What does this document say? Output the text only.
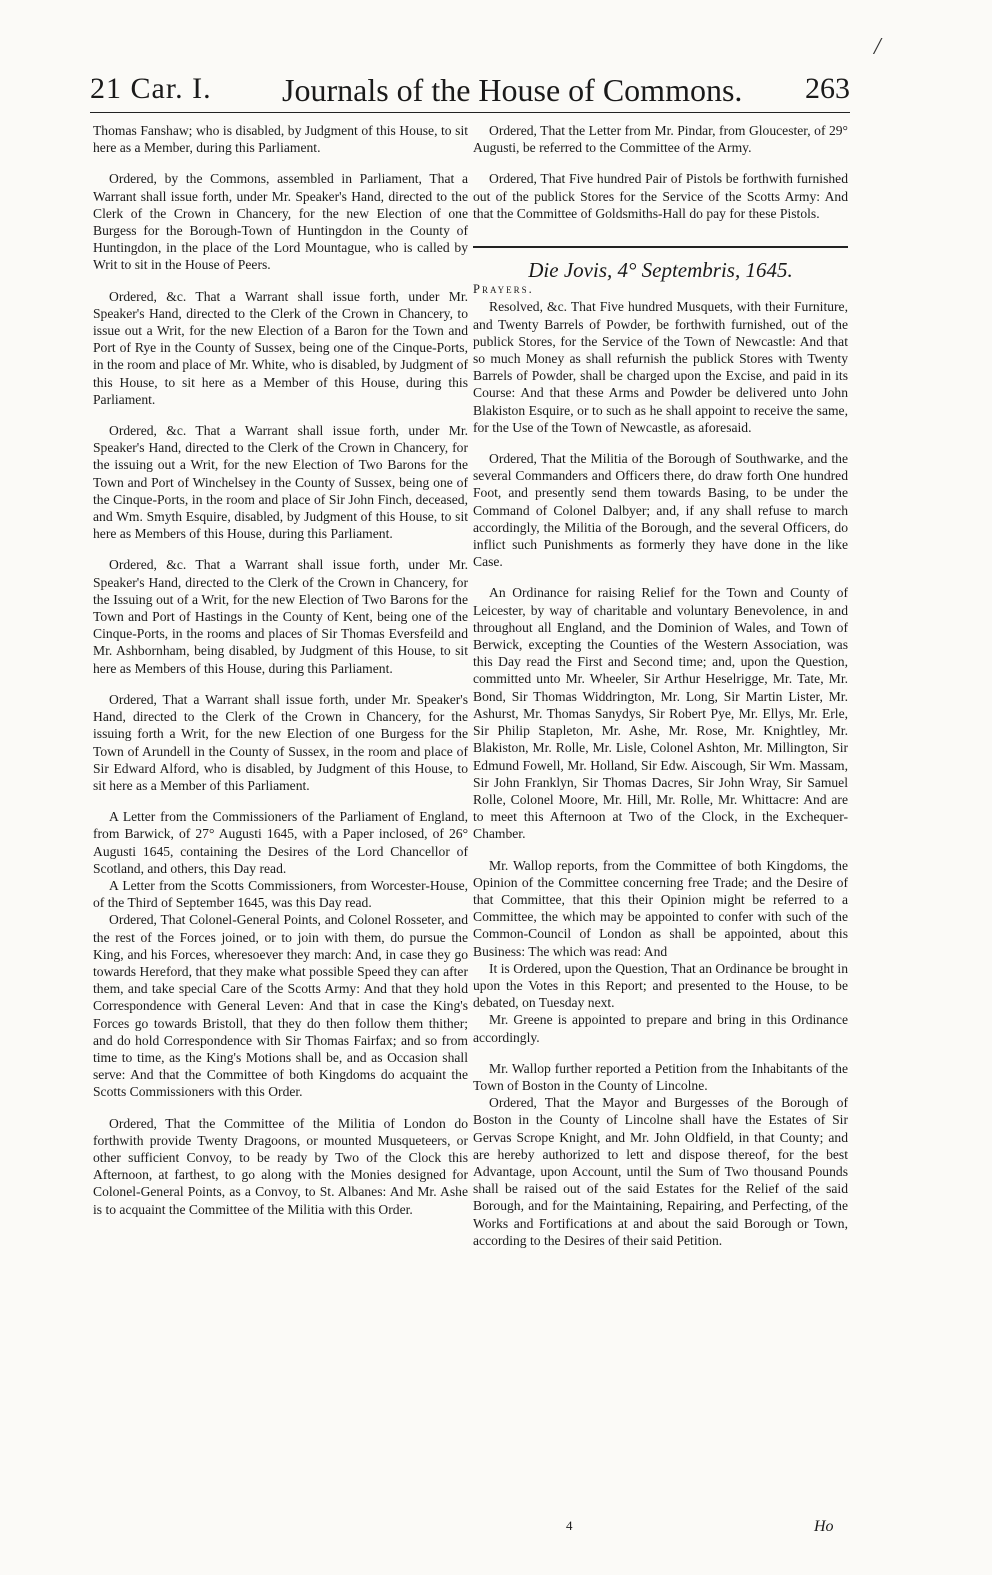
/
21 Car. I. Journals of the House of Commons. 263

Thomas Fanshaw; who is disabled, by Judgment of this House, to sit here as a Member, during this Parliament.

Ordered, by the Commons, assembled in Parliament, That a Warrant shall issue forth, under Mr. Speaker's Hand, directed to the Clerk of the Crown in Chancery, for the new Election of one Burgess for the Borough-Town of Huntingdon in the County of Huntingdon, in the place of the Lord Mountague, who is called by Writ to sit in the House of Peers.

Ordered, &c. That a Warrant shall issue forth, under Mr. Speaker's Hand, directed to the Clerk of the Crown in Chancery, to issue out a Writ, for the new Election of a Baron for the Town and Port of Rye in the County of Sussex, being one of the Cinque-Ports, in the room and place of Mr. White, who is disabled, by Judgment of this House, to sit here as a Member of this House, during this Parliament.

Ordered, &c. That a Warrant shall issue forth, under Mr. Speaker's Hand, directed to the Clerk of the Crown in Chancery, for the issuing out a Writ, for the new Election of Two Barons for the Town and Port of Winchelsey in the County of Sussex, being one of the Cinque-Ports, in the room and place of Sir John Finch, deceased, and Wm. Smyth Esquire, disabled, by Judgment of this House, to sit here as Members of this House, during this Parliament.

Ordered, &c. That a Warrant shall issue forth, under Mr. Speaker's Hand, directed to the Clerk of the Crown in Chancery, for the Issuing out of a Writ, for the new Election of Two Barons for the Town and Port of Hastings in the County of Kent, being one of the Cinque-Ports, in the rooms and places of Sir Thomas Eversfeild and Mr. Ashbornham, being disabled, by Judgment of this House, to sit here as Members of this House, during this Parliament.

Ordered, That a Warrant shall issue forth, under Mr. Speaker's Hand, directed to the Clerk of the Crown in Chancery, for the issuing forth a Writ, for the new Election of one Burgess for the Town of Arundell in the County of Sussex, in the room and place of Sir Edward Alford, who is disabled, by Judgment of this House, to sit here as a Member of this Parliament.

A Letter from the Commissioners of the Parliament of England, from Barwick, of 27° Augusti 1645, with a Paper inclosed, of 26° Augusti 1645, containing the Desires of the Lord Chancellor of Scotland, and others, this Day read.

A Letter from the Scotts Commissioners, from Worcester-House, of the Third of September 1645, was this Day read.

Ordered, That Colonel-General Points, and Colonel Rosseter, and the rest of the Forces joined, or to join with them, do pursue the King, and his Forces, wheresoever they march: And, in case they go towards Hereford, that they make what possible Speed they can after them, and take special Care of the Scotts Army: And that they hold Correspondence with General Leven: And that in case the King's Forces go towards Bristoll, that they do then follow them thither; and do hold Correspondence with Sir Thomas Fairfax; and so from time to time, as the King's Motions shall be, and as Occasion shall serve: And that the Committee of both Kingdoms do acquaint the Scotts Commissioners with this Order.

Ordered, That the Committee of the Militia of London do forthwith provide Twenty Dragoons, or mounted Musqueteers, or other sufficient Convoy, to be ready by Two of the Clock this Afternoon, at farthest, to go along with the Monies designed for Colonel-General Points, as a Convoy, to St. Albanes: And Mr. Ashe is to acquaint the Committee of the Militia with this Order.

Ordered, That the Letter from Mr. Pindar, from Gloucester, of 29° Augusti, be referred to the Committee of the Army.

Ordered, That Five hundred Pair of Pistols be forthwith furnished out of the publick Stores for the Service of the Scotts Army: And that the Committee of Goldsmiths-Hall do pay for these Pistols.

Die Jovis, 4° Septembris, 1645.
Prayers.

Resolved, &c. That Five hundred Musquets, with their Furniture, and Twenty Barrels of Powder, be forthwith furnished, out of the publick Stores, for the Service of the Town of Newcastle: And that so much Money as shall refurnish the publick Stores with Twenty Barrels of Powder, shall be charged upon the Excise, and paid in its Course: And that these Arms and Powder be delivered unto John Blakiston Esquire, or to such as he shall appoint to receive the same, for the Use of the Town of Newcastle, as aforesaid.

Ordered, That the Militia of the Borough of Southwarke, and the several Commanders and Officers there, do draw forth One hundred Foot, and presently send them towards Basing, to be under the Command of Colonel Dalbyer; and, if any shall refuse to march accordingly, the Militia of the Borough, and the several Officers, do inflict such Punishments as formerly they have done in the like Case.

An Ordinance for raising Relief for the Town and County of Leicester, by way of charitable and voluntary Benevolence, in and throughout all England, and the Dominion of Wales, and Town of Berwick, excepting the Counties of the Western Association, was this Day read the First and Second time; and, upon the Question, committed unto Mr. Wheeler, Sir Arthur Heselrigge, Mr. Tate, Mr. Bond, Sir Thomas Widdrington, Mr. Long, Sir Martin Lister, Mr. Ashurst, Mr. Thomas Sanydys, Sir Robert Pye, Mr. Ellys, Mr. Erle, Sir Philip Stapleton, Mr. Ashe, Mr. Rose, Mr. Knightley, Mr. Blakiston, Mr. Rolle, Mr. Lisle, Colonel Ashton, Mr. Millington, Sir Edmund Fowell, Mr. Holland, Sir Edw. Aiscough, Sir Wm. Massam, Sir John Franklyn, Sir Thomas Dacres, Sir John Wray, Sir Samuel Rolle, Colonel Moore, Mr. Hill, Mr. Rolle, Mr. Whittacre: And are to meet this Afternoon at Two of the Clock, in the Exchequer-Chamber.

Mr. Wallop reports, from the Committee of both Kingdoms, the Opinion of the Committee concerning free Trade; and the Desire of that Committee, that this their Opinion might be referred to a Committee, the which may be appointed to confer with such of the Common-Council of London as shall be appointed, about this Business: The which was read: And

It is Ordered, upon the Question, That an Ordinance be brought in upon the Votes in this Report; and presented to the House, to be debated, on Tuesday next.

Mr. Greene is appointed to prepare and bring in this Ordinance accordingly.

Mr. Wallop further reported a Petition from the Inhabitants of the Town of Boston in the County of Lincolne.

Ordered, That the Mayor and Burgesses of the Borough of Boston in the County of Lincolne shall have the Estates of Sir Gervas Scrope Knight, and Mr. John Oldfield, in that County; and are hereby authorized to lett and dispose thereof, for the best Advantage, upon Account, until the Sum of Two thousand Pounds shall be raised out of the said Estates for the Relief of the said Borough, and for the Maintaining, Repairing, and Perfecting, of the Works and Fortifications at and about the said Borough or Town, according to the Desires of their said Petition.

4	Ho
